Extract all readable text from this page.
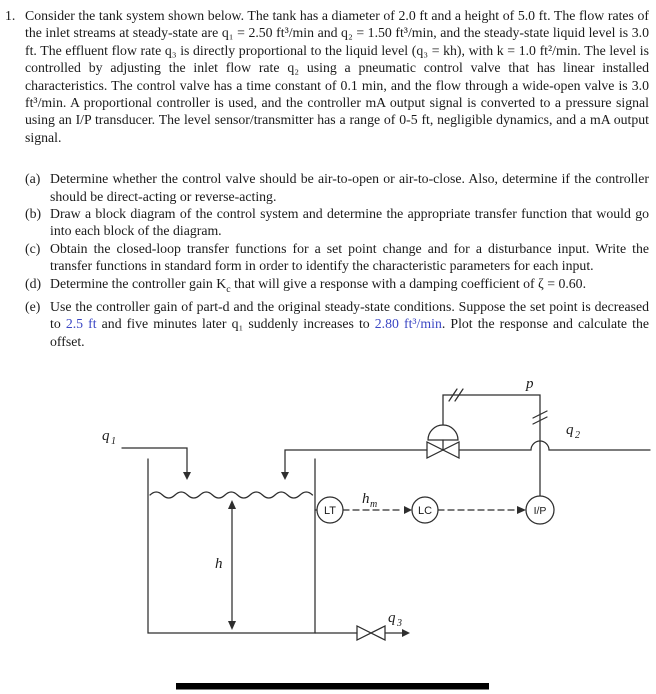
1. Consider the tank system shown below. The tank has a diameter of 2.0 ft and a height of 5.0 ft. The flow rates of the inlet streams at steady-state are q₁ = 2.50 ft³/min and q₂ = 1.50 ft³/min, and the steady-state liquid level is 3.0 ft. The effluent flow rate q₃ is directly proportional to the liquid level (q₃ = kh), with k = 1.0 ft²/min. The level is controlled by adjusting the inlet flow rate q₂ using a pneumatic control valve that has linear installed characteristics. The control valve has a time constant of 0.1 min, and the flow through a wide-open valve is 3.0 ft³/min. A proportional controller is used, and the controller mA output signal is converted to a pressure signal using an I/P transducer. The level sensor/transmitter has a range of 0-5 ft, negligible dynamics, and a mA output signal.

(a) Determine whether the control valve should be air-to-open or air-to-close. Also, determine if the controller should be direct-acting or reverse-acting.

(b) Draw a block diagram of the control system and determine the appropriate transfer function that would go into each block of the diagram.

(c) Obtain the closed-loop transfer functions for a set point change and for a disturbance input. Write the transfer functions in standard form in order to identify the characteristic parameters for each input.

(d) Determine the controller gain $K_c$ that will give a response with a damping coefficient of ζ = 0.60.

(e) Use the controller gain of part-d and the original steady-state conditions. Suppose the set point is decreased to 2.5 ft and five minutes later q₁ suddenly increases to 2.80 ft³/min. Plot the response and calculate the offset.

q 1
q 2
q 3
h
h m
p
LT	LC	I/P
